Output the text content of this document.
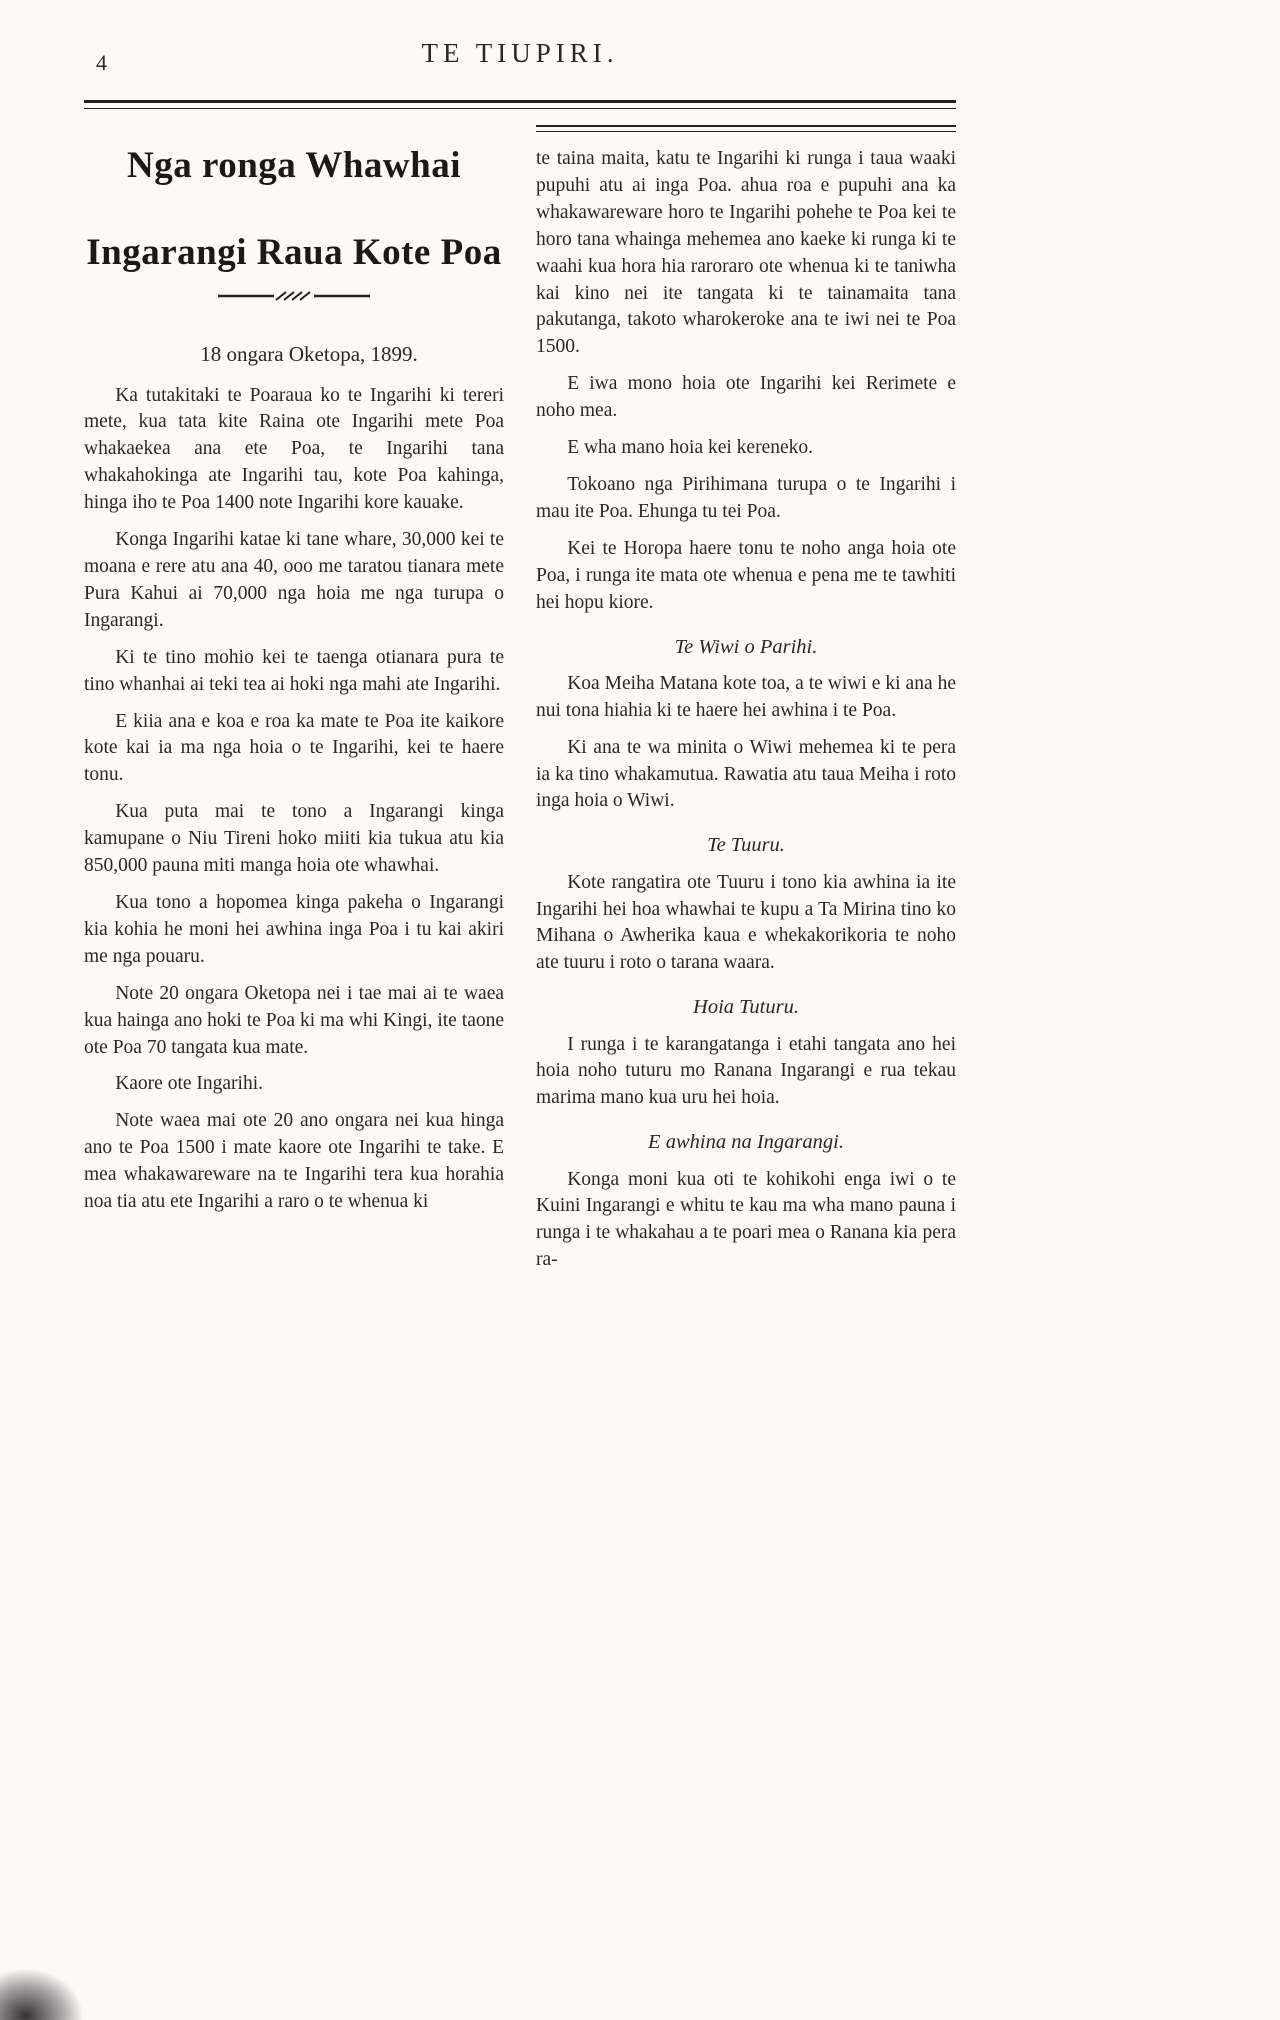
4	TE TIUPIRI.
Nga ronga Whawhai
Ingarangi Raua Kote Poa
18 ongara Oketopa, 1899.

Ka tutakitaki te Poaraua ko te Ingarihi ki tereri mete, kua tata kite Raina ote Ingarihi mete Poa whakaekea ana ete Poa, te Ingarihi tana whakahokinga ate Ingarihi tau, kote Poa kahinga, hinga iho te Poa 1400 note Ingarihi kore kauake.

Konga Ingarihi katae ki tane whare, 30,000 kei te moana e rere atu ana 40, ooo me taratou tianara mete Pura Kahui ai 70,000 nga hoia me nga turupa o Ingarangi.

Ki te tino mohio kei te taenga otianara pura te tino whanhai ai teki tea ai hoki nga mahi ate Ingarihi.

E kiia ana e koa e roa ka mate te Poa ite kaikore kote kai ia ma nga hoia o te Ingarihi, kei te haere tonu.

Kua puta mai te tono a Ingarangi kinga kamupane o Niu Tireni hoko miiti kia tukua atu kia 850,000 pauna miti manga hoia ote whawhai.

Kua tono a hopomea kinga pakeha o Ingarangi kia kohia he moni hei awhina inga Poa i tu kai akiri me nga pouaru.

Note 20 ongara Oketopa nei i tae mai ai te waea kua hainga ano hoki te Poa ki ma whi Kingi, ite taone ote Poa 70 tangata kua mate.

Kaore ote Ingarihi.

Note waea mai ote 20 ano ongara nei kua hinga ano te Poa 1500 i mate kaore ote Ingarihi te take. E mea whakawareware na te Ingarihi tera kua horahia noa tia atu ete Ingarihi a raro o te whenua ki

te taina maita, katu te Ingarihi ki runga i taua waaki pupuhi atu ai inga Poa. ahua roa e pupuhi ana ka whakawareware horo te Ingarihi pohehe te Poa kei te horo tana whainga mehemea ano kaeke ki runga ki te waahi kua hora hia raroraro ote whenua ki te taniwha kai kino nei ite tangata ki te tainamaita tana pakutanga, takoto wharokeroke ana te iwi nei te Poa 1500.

E iwa mono hoia ote Ingarihi kei Rerimete e noho mea.

E wha mano hoia kei kereneko.

Tokoano nga Pirihimana turupa o te Ingarihi i mau ite Poa. Ehunga tu tei Poa.

Kei te Horopa haere tonu te noho anga hoia ote Poa, i runga ite mata ote whenua e pena me te tawhiti hei hopu kiore.

Te Wiwi o Parihi.

Koa Meiha Matana kote toa, a te wiwi e ki ana he nui tona hiahia ki te haere hei awhina i te Poa.

Ki ana te wa minita o Wiwi mehemea ki te pera ia ka tino whakamutua. Rawatia atu taua Meiha i roto inga hoia o Wiwi.

Te Tuuru.

Kote rangatira ote Tuuru i tono kia awhina ia ite Ingarihi hei hoa whawhai te kupu a Ta Mirina tino ko Mihana o Awherika kaua e whekakorikoria te noho ate tuuru i roto o tarana waara.

Hoia Tuturu.

I runga i te karangatanga i etahi tangata ano hei hoia noho tuturu mo Ranana Ingarangi e rua tekau marima mano kua uru hei hoia.

E awhina na Ingarangi.

Konga moni kua oti te kohikohi enga iwi o te Kuini Ingarangi e whitu te kau ma wha mano pauna i runga i te whakahau a te poari mea o Ranana kia pera ra-
